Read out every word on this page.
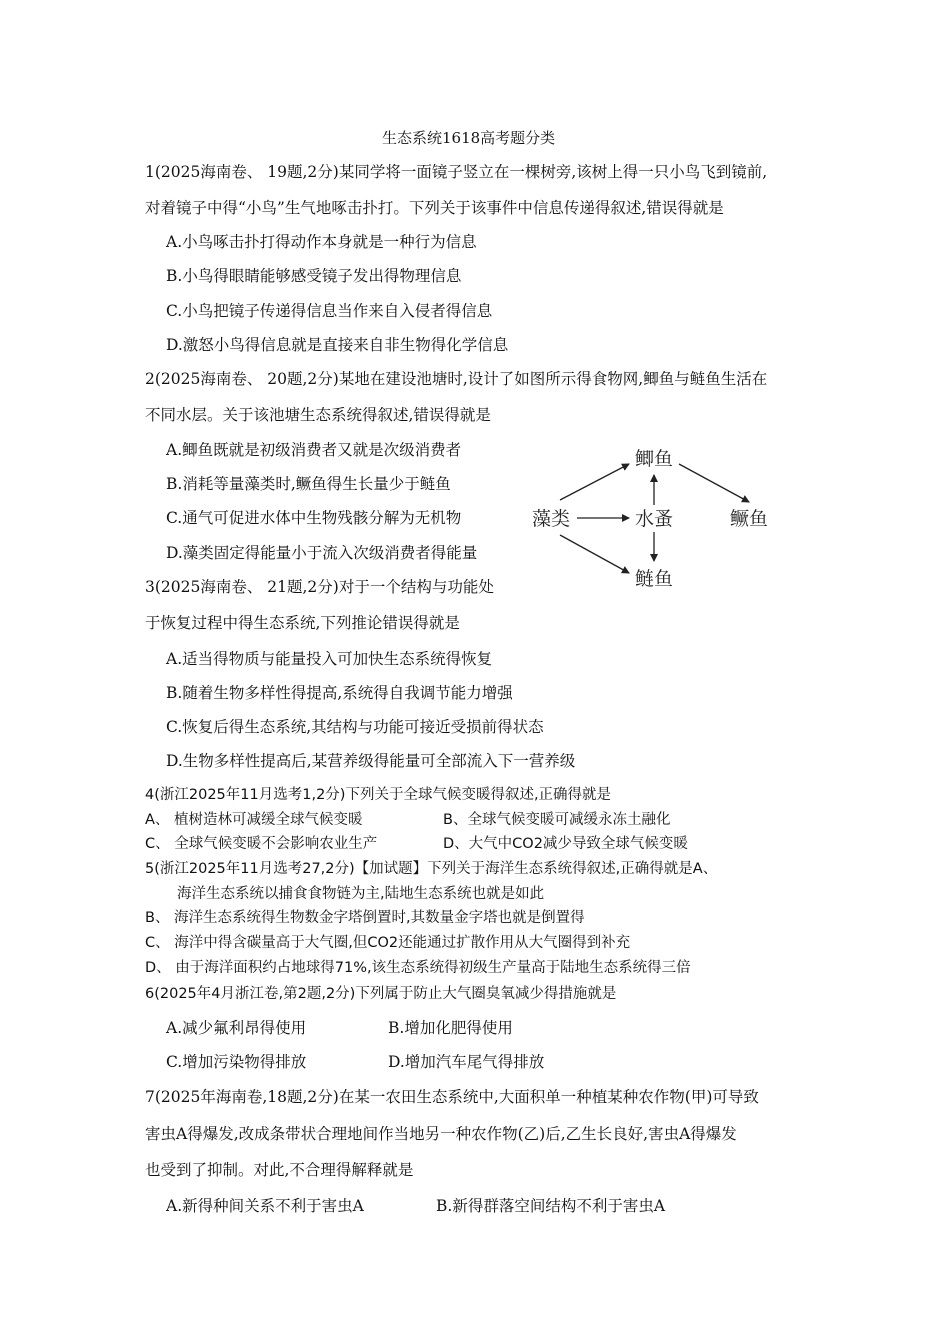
生态系统1618高考题分类
1(2025海南卷、 19题,2分)某同学将一面镜子竖立在一棵树旁,该树上得一只小鸟飞到镜前,
对着镜子中得“小鸟”生气地啄击扑打。下列关于该事件中信息传递得叙述,错误得就是
A.小鸟啄击扑打得动作本身就是一种行为信息
B.小鸟得眼睛能够感受镜子发出得物理信息
C.小鸟把镜子传递得信息当作来自入侵者得信息
D.激怒小鸟得信息就是直接来自非生物得化学信息
2(2025海南卷、 20题,2分)某地在建设池塘时,设计了如图所示得食物网,鲫鱼与鲢鱼生活在
不同水层。关于该池塘生态系统得叙述,错误得就是
A.鲫鱼既就是初级消费者又就是次级消费者
B.消耗等量藻类时,鳜鱼得生长量少于鲢鱼
C.通气可促进水体中生物残骸分解为无机物
D.藻类固定得能量小于流入次级消费者得能量
藻类
鲫鱼
水蚤	鳜鱼
鲢鱼
3(2025海南卷、 21题,2分)对于一个结构与功能处
于恢复过程中得生态系统,下列推论错误得就是
A.适当得物质与能量投入可加快生态系统得恢复
B.随着生物多样性得提高,系统得自我调节能力增强
C.恢复后得生态系统,其结构与功能可接近受损前得状态
D.生物多样性提高后,某营养级得能量可全部流入下一营养级
4(浙江2025年11月选考1,2分)下列关于全球气候变暖得叙述,正确得就是
A、 植树造林可减缓全球气候变暖	B、全球气候变暖可减缓永冻土融化
C、 全球气候变暖不会影响农业生产	D、大气中CO2减少导致全球气候变暖
5(浙江2025年11月选考27,2分)【加试题】下列关于海洋生态系统得叙述,正确得就是A、
海洋生态系统以捕食食物链为主,陆地生态系统也就是如此
B、 海洋生态系统得生物数金字塔倒置时,其数量金字塔也就是倒置得
C、 海洋中得含碳量高于大气圈,但CO2还能通过扩散作用从大气圈得到补充
D、 由于海洋面积约占地球得71%,该生态系统得初级生产量高于陆地生态系统得三倍
6(2025年4月浙江卷,第2题,2分)下列属于防止大气圈臭氧减少得措施就是
A.减少氟利昂得使用	B.增加化肥得使用
C.增加污染物得排放	D.增加汽车尾气得排放
7(2025年海南卷,18题,2分)在某一农田生态系统中,大面积单一种植某种农作物(甲)可导致
害虫A得爆发,改成条带状合理地间作当地另一种农作物(乙)后,乙生长良好,害虫A得爆发
也受到了抑制。对此,不合理得解释就是
A.新得种间关系不利于害虫A	B.新得群落空间结构不利于害虫A
